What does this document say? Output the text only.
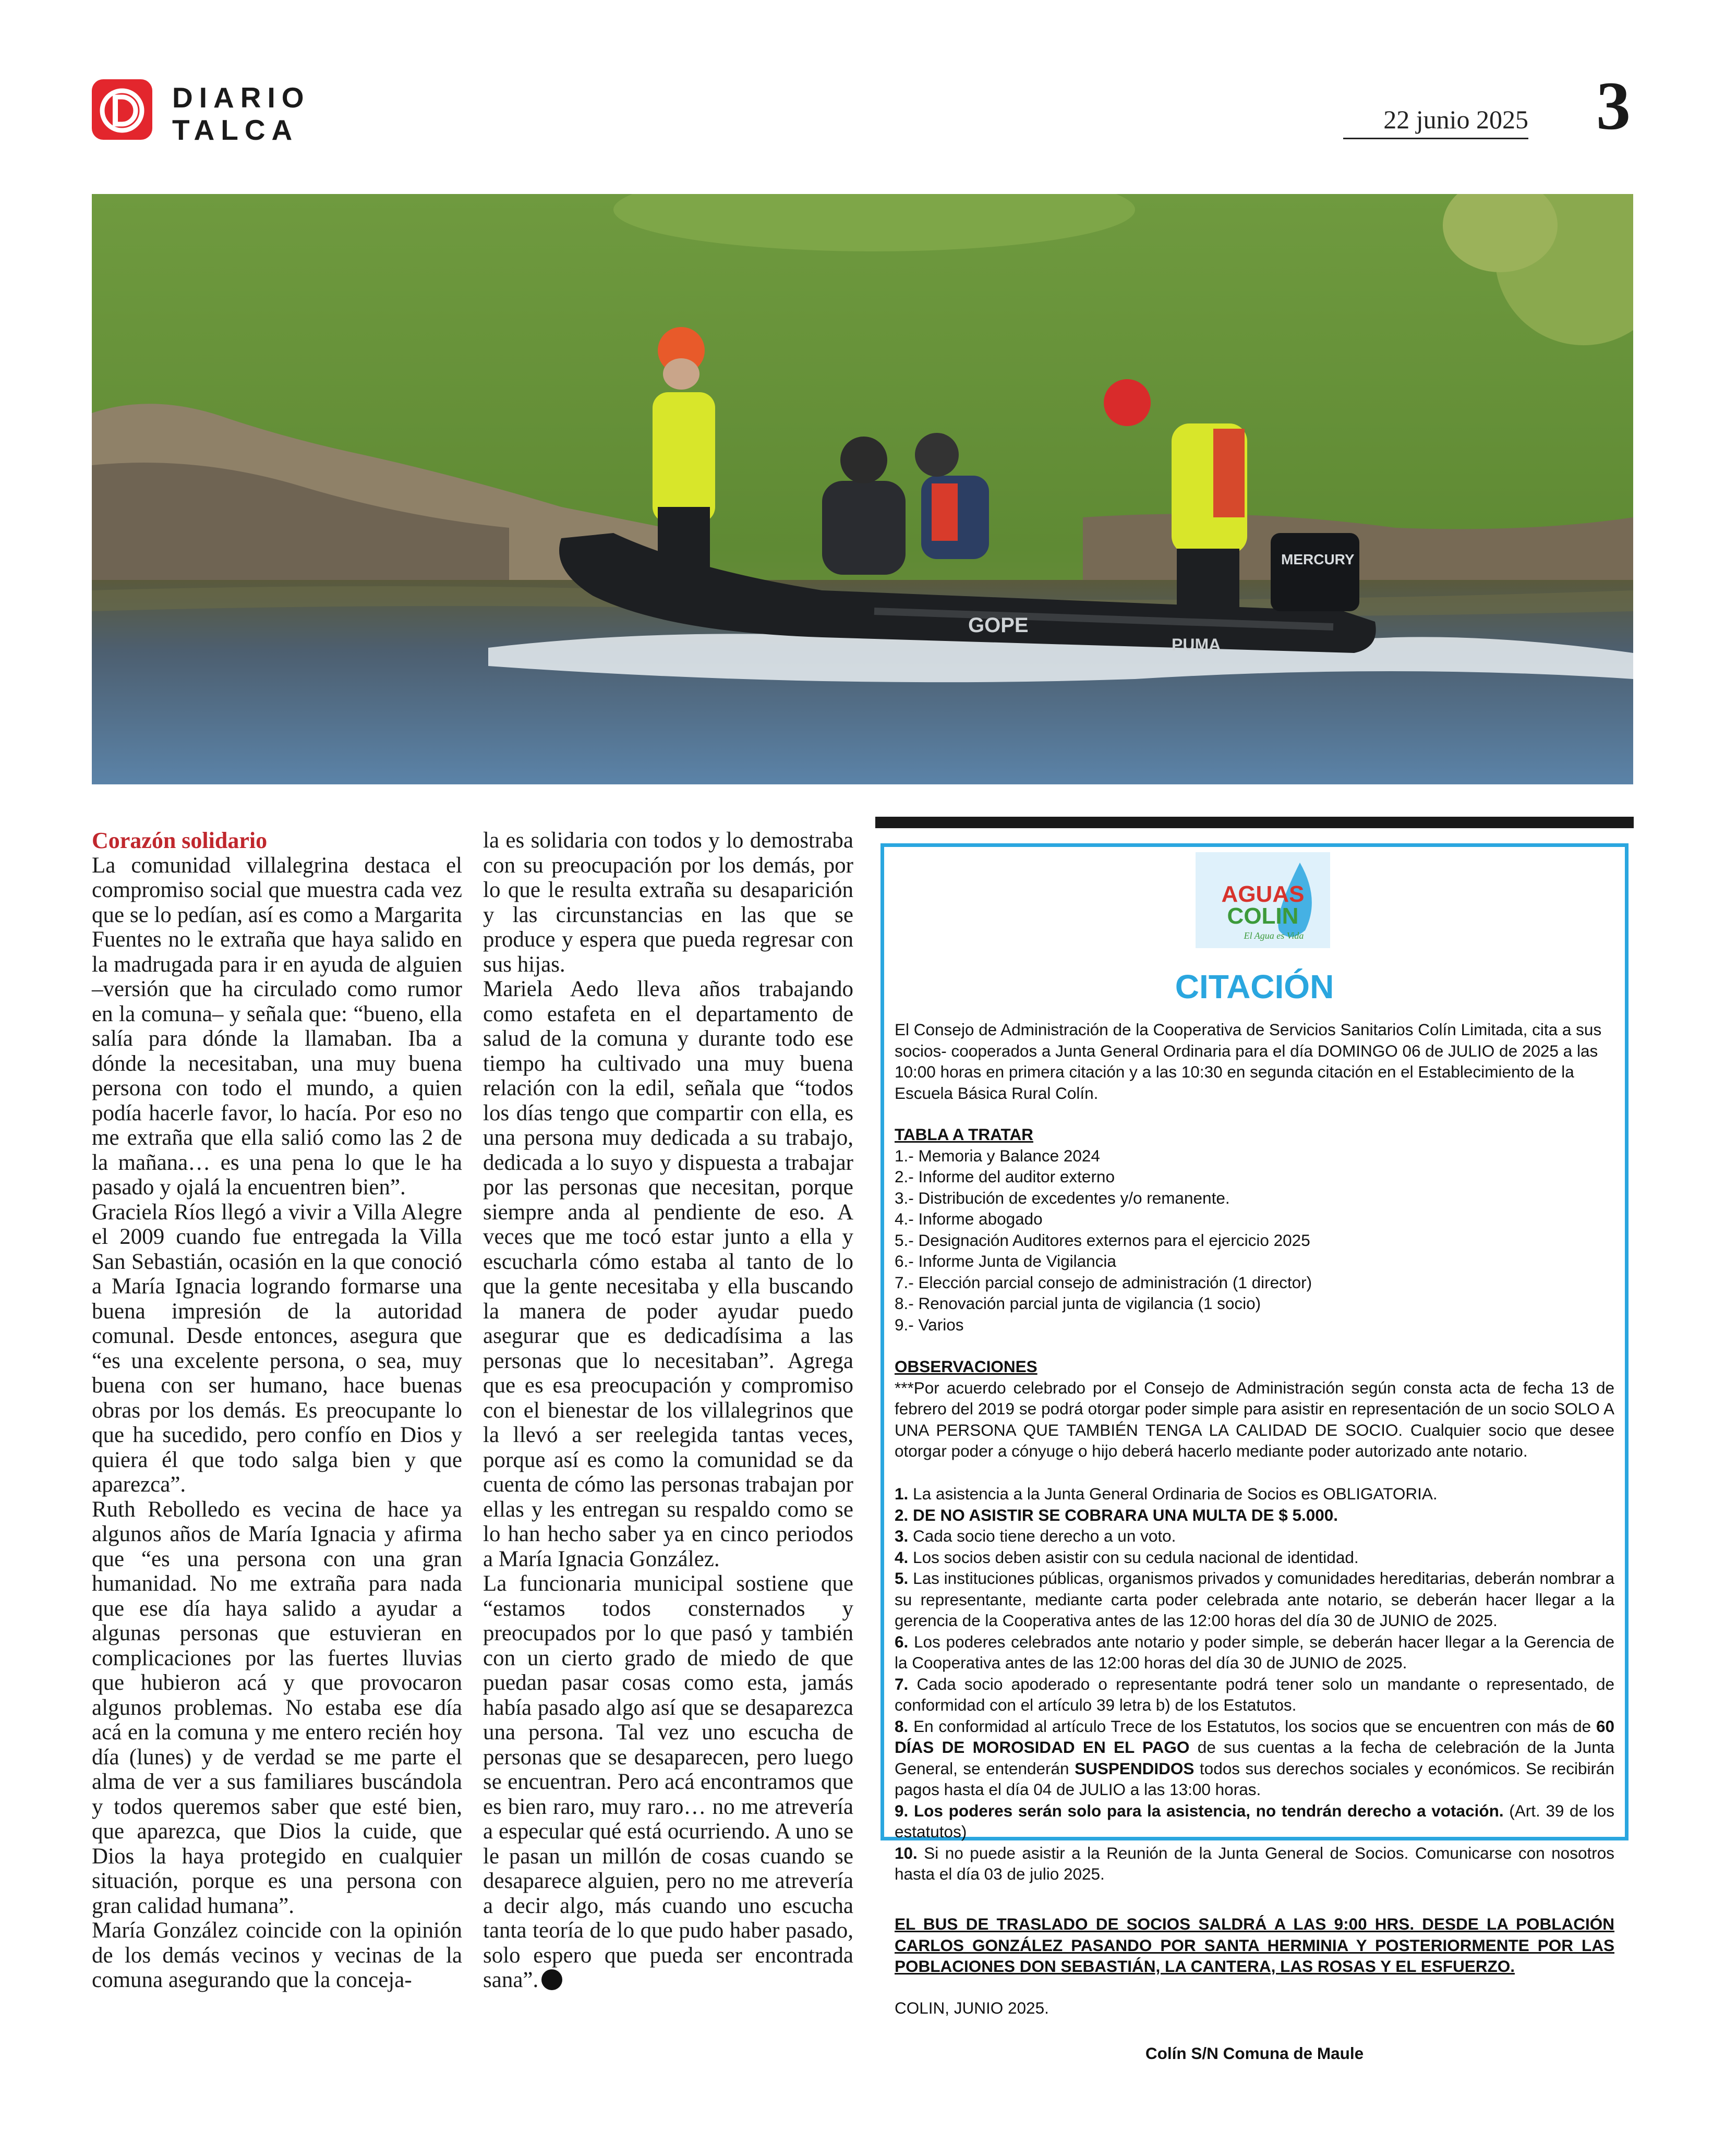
DIARIO
TALCA	22 junio 2025 3
GOPE
PUMA
MERCURY

Corazón solidario

La comunidad villalegrina destaca el compromiso social que muestra cada vez que se lo pedían, así es como a Margarita Fuentes no le extraña que haya salido en la madrugada para ir en ayuda de alguien –versión que ha circulado como rumor en la comuna– y señala que: “bueno, ella salía para dónde la llamaban. Iba a dónde la necesitaban, una muy buena persona con todo el mundo, a quien podía hacerle favor, lo hacía. Por eso no me extraña que ella salió como las 2 de la mañana… es una pena lo que le ha pasado y ojalá la encuentren bien”.

Graciela Ríos llegó a vivir a Villa Alegre el 2009 cuando fue entregada la Villa San Sebastián, ocasión en la que conoció a María Ignacia logrando formarse una buena impresión de la autoridad comunal. Desde entonces, asegura que “es una excelente persona, o sea, muy buena con ser humano, hace buenas obras por los demás. Es preocupante lo que ha sucedido, pero confío en Dios y quiera él que todo salga bien y que aparezca”.

Ruth Rebolledo es vecina de hace ya algunos años de María Ignacia y afirma que “es una persona con una gran humanidad. No me extraña para nada que ese día haya salido a ayudar a algunas personas que estuvieran en complicaciones por las fuertes lluvias que hubieron acá y que provocaron algunos problemas. No estaba ese día acá en la comuna y me entero recién hoy día (lunes) y de verdad se me parte el alma de ver a sus familiares buscándola y todos queremos saber que esté bien, que aparezca, que Dios la cuide, que Dios la haya protegido en cualquier situación, porque es una persona con gran calidad humana”.

María González coincide con la opinión de los demás vecinos y vecinas de la comuna asegurando que la conceja-

la es solidaria con todos y lo demostraba con su preocupación por los demás, por lo que le resulta extraña su desaparición y las circunstancias en las que se produce y espera que pueda regresar con sus hijas.

Mariela Aedo lleva años trabajando como estafeta en el departamento de salud de la comuna y durante todo ese tiempo ha cultivado una muy buena relación con la edil, señala que “todos los días tengo que compartir con ella, es una persona muy dedicada a su trabajo, dedicada a lo suyo y dispuesta a trabajar por las personas que necesitan, porque siempre anda al pendiente de eso. A veces que me tocó estar junto a ella y escucharla cómo estaba al tanto de lo que la gente necesitaba y ella buscando la manera de poder ayudar puedo asegurar que es dedicadísima a las personas que lo necesitaban”. Agrega que es esa preocupación y compromiso con el bienestar de los villalegrinos que la llevó a ser reelegida tantas veces, porque así es como la comunidad se da cuenta de cómo las personas trabajan por ellas y les entregan su respaldo como se lo han hecho saber ya en cinco periodos a María Ignacia González.

La funcionaria municipal sostiene que “estamos todos consternados y preocupados por lo que pasó y también con un cierto grado de miedo de que puedan pasar cosas como esta, jamás había pasado algo así que se desaparezca una persona. Tal vez uno escucha de personas que se desaparecen, pero luego se encuentran. Pero acá encontramos que es bien raro, muy raro… no me atrevería a especular qué está ocurriendo. A uno se le pasan un millón de cosas cuando se desaparece alguien, pero no me atrevería a decir algo, más cuando uno escucha tanta teoría de lo que pudo haber pasado, solo espero que pueda ser encontrada sana”.

AGUAS
COLIN
El Agua es Vida
CITACIÓN

El Consejo de Administración de la Cooperativa de Servicios Sanitarios Colín Limitada, cita a sus socios- cooperados a Junta General Ordinaria para el día DOMINGO 06 de JULIO de 2025 a las 10:00 horas en primera citación y a las 10:30 en segunda citación en el Establecimiento de la Escuela Básica Rural Colín.

TABLA A TRATAR
1.- Memoria y Balance 2024
2.- Informe del auditor externo
3.- Distribución de excedentes y/o remanente.
4.- Informe abogado
5.- Designación Auditores externos para el ejercicio 2025
6.- Informe Junta de Vigilancia
7.- Elección parcial consejo de administración (1 director)
8.- Renovación parcial junta de vigilancia (1 socio)
9.- Varios
OBSERVACIONES
***Por acuerdo celebrado por el Consejo de Administración según consta acta de fecha 13 de febrero del 2019 se podrá otorgar poder simple para asistir en representación de un socio SOLO A UNA PERSONA QUE TAMBIÉN TENGA LA CALIDAD DE SOCIO. Cualquier socio que desee otorgar poder a cónyuge o hijo deberá hacerlo mediante poder autorizado ante notario.
1. La asistencia a la Junta General Ordinaria de Socios es OBLIGATORIA.
2. DE NO ASISTIR SE COBRARA UNA MULTA DE $ 5.000.
3. Cada socio tiene derecho a un voto.
4. Los socios deben asistir con su cedula nacional de identidad.
5. Las instituciones públicas, organismos privados y comunidades hereditarias, deberán nombrar a su representante, mediante carta poder celebrada ante notario, se deberán hacer llegar a la gerencia de la Cooperativa antes de las 12:00 horas del día 30 de JUNIO de 2025.
6. Los poderes celebrados ante notario y poder simple, se deberán hacer llegar a la Gerencia de la Cooperativa antes de las 12:00 horas del día 30 de JUNIO de 2025.
7. Cada socio apoderado o representante podrá tener solo un mandante o representado, de conformidad con el artículo 39 letra b) de los Estatutos.
8. En conformidad al artículo Trece de los Estatutos, los socios que se encuentren con más de 60 DÍAS DE MOROSIDAD EN EL PAGO de sus cuentas a la fecha de celebración de la Junta General, se entenderán SUSPENDIDOS todos sus derechos sociales y económicos. Se recibirán pagos hasta el día 04 de JULIO a las 13:00 horas.
9. Los poderes serán solo para la asistencia, no tendrán derecho a votación. (Art. 39 de los estatutos)
10. Si no puede asistir a la Reunión de la Junta General de Socios. Comunicarse con nosotros hasta el día 03 de julio 2025.
EL BUS DE TRASLADO DE SOCIOS SALDRÁ A LAS 9:00 HRS. DESDE LA POBLACIÓN CARLOS GONZÁLEZ PASANDO POR SANTA HERMINIA Y POSTERIORMENTE POR LAS POBLACIONES DON SEBASTIÁN, LA CANTERA, LAS ROSAS Y EL ESFUERZO.
COLIN, JUNIO 2025.
Colín S/N Comuna de Maule
